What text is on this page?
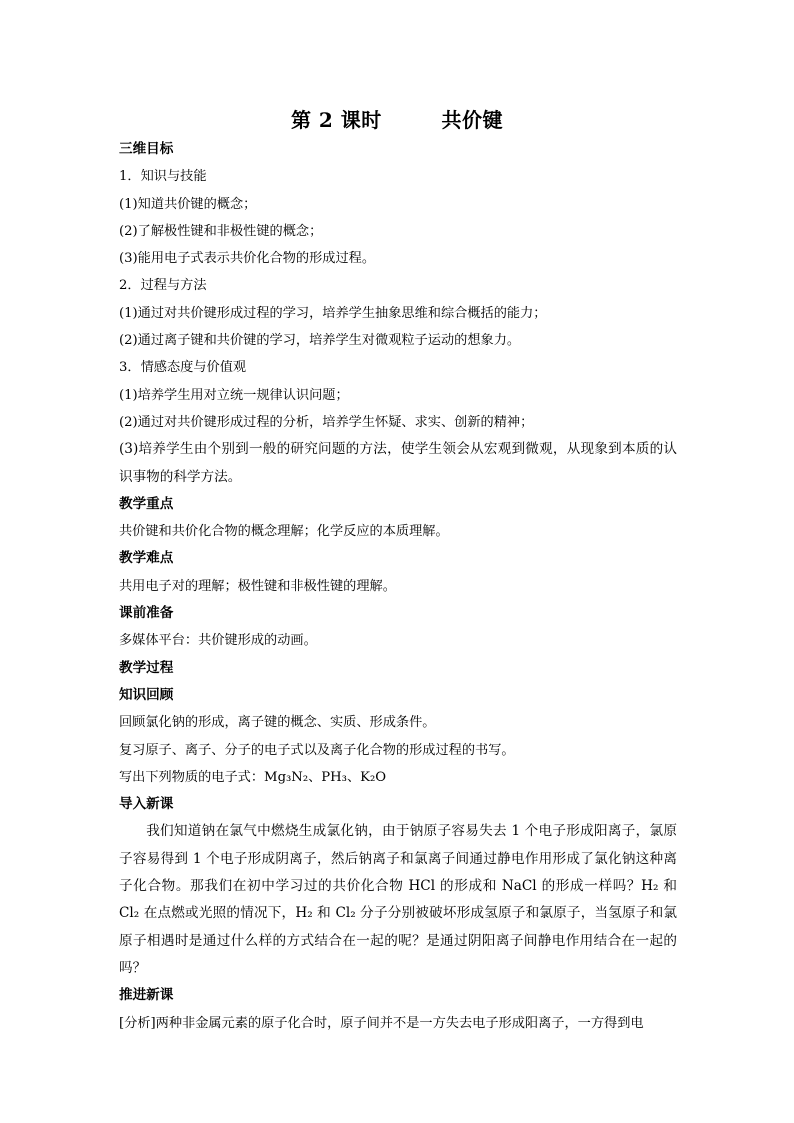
第 2 课时        共价键
三维目标
1．知识与技能
(1)知道共价键的概念；
(2)了解极性键和非极性键的概念；
(3)能用电子式表示共价化合物的形成过程。
2．过程与方法
(1)通过对共价键形成过程的学习，培养学生抽象思维和综合概括的能力；
(2)通过离子键和共价键的学习，培养学生对微观粒子运动的想象力。
3．情感态度与价值观
(1)培养学生用对立统一规律认识问题；
(2)通过对共价键形成过程的分析，培养学生怀疑、求实、创新的精神；
(3)培养学生由个别到一般的研究问题的方法，使学生领会从宏观到微观，从现象到本质的认识事物的科学方法。
教学重点
共价键和共价化合物的概念理解；化学反应的本质理解。
教学难点
共用电子对的理解；极性键和非极性键的理解。
课前准备
多媒体平台：共价键形成的动画。
教学过程
知识回顾
回顾氯化钠的形成，离子键的概念、实质、形成条件。
复习原子、离子、分子的电子式以及离子化合物的形成过程的书写。
写出下列物质的电子式：Mg₃N₂、PH₃、K₂O
导入新课
我们知道钠在氯气中燃烧生成氯化钠，由于钠原子容易失去 1 个电子形成阳离子，氯原子容易得到 1 个电子形成阴离子，然后钠离子和氯离子间通过静电作用形成了氯化钠这种离子化合物。那我们在初中学习过的共价化合物 HCl 的形成和 NaCl 的形成一样吗？H₂ 和 Cl₂ 在点燃或光照的情况下，H₂ 和 Cl₂ 分子分别被破坏形成氢原子和氯原子，当氢原子和氯原子相遇时是通过什么样的方式结合在一起的呢？是通过阴阳离子间静电作用结合在一起的吗？
推进新课
[分析]两种非金属元素的原子化合时，原子间并不是一方失去电子形成阳离子，一方得到电
